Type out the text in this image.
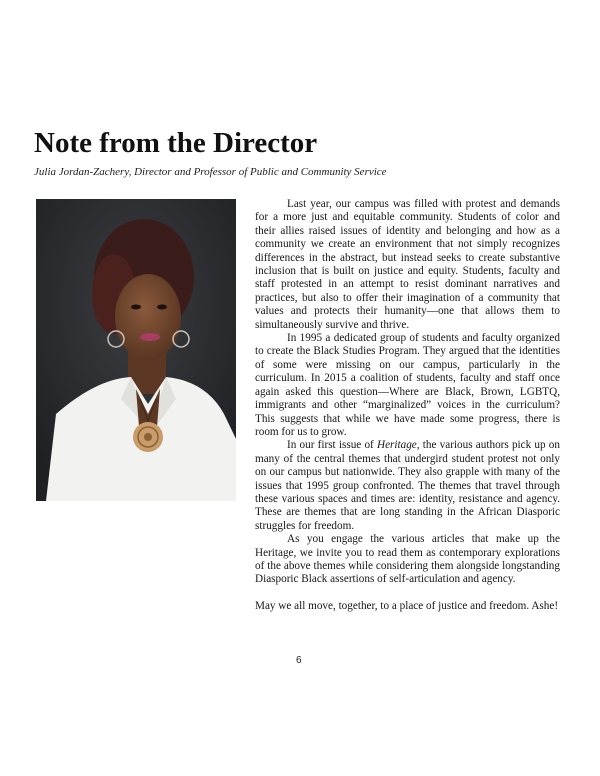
Note from the Director
Julia Jordan-Zachery, Director and Professor of Public and Community Service

Last year, our campus was filled with protest and demands for a more just and equitable community. Students of color and their allies raised issues of identity and belonging and how as a community we create an environment that not simply recognizes differences in the abstract, but instead seeks to create substantive inclusion that is built on justice and equity. Students, faculty and staff protested in an attempt to resist dominant narratives and practices, but also to offer their imagination of a community that values and protects their humanity—one that allows them to simultaneously survive and thrive.

In 1995 a dedicated group of students and faculty organized to create the Black Studies Program. They argued that the identities of some were missing on our campus, particularly in the curriculum. In 2015 a coalition of students, faculty and staff once again asked this question—Where are Black, Brown, LGBTQ, immigrants and other “marginalized” voices in the curriculum? This suggests that while we have made some progress, there is room for us to grow.

In our first issue of Heritage, the various authors pick up on many of the central themes that undergird student protest not only on our campus but nationwide. They also grapple with many of the issues that 1995 group confronted. The themes that travel through these various spaces and times are: identity, resistance and agency. These are themes that are long standing in the African Diasporic struggles for freedom.

As you engage the various articles that make up the Heritage, we invite you to read them as contemporary explorations of the above themes while considering them alongside longstanding Diasporic Black assertions of self-articulation and agency.

May we all move, together, to a place of justice and freedom. Ashe!

6
